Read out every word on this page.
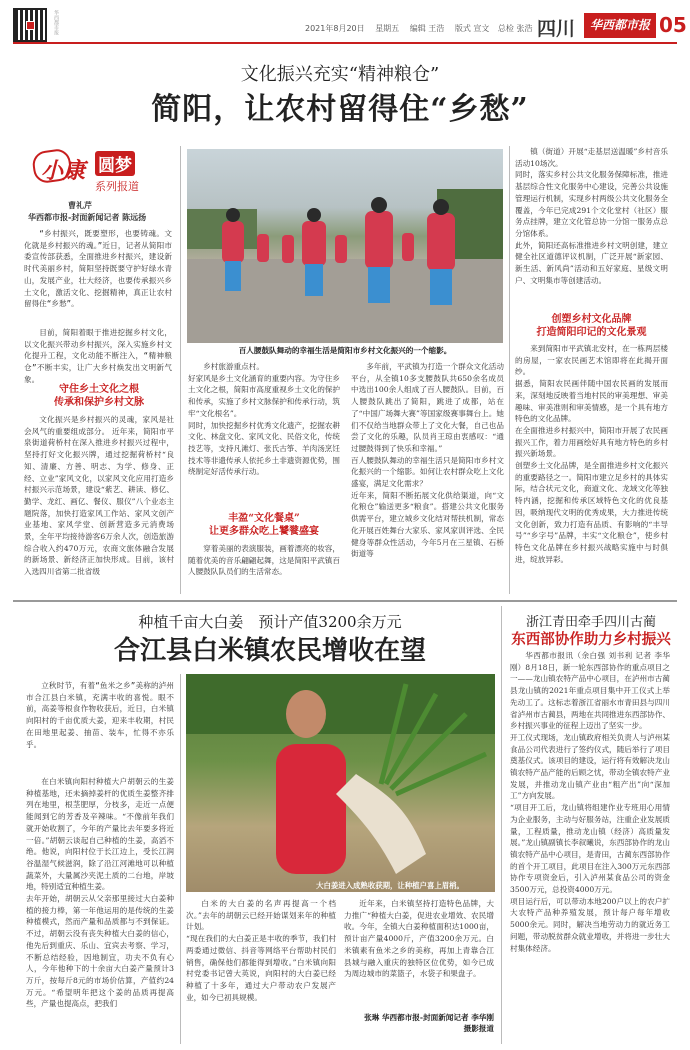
华西都市报	2021年8月20日 星期五 编辑 王浩 版式 宣文 总检 张浩 四川	华西都市报 05
文化振兴充实“精神粮仓”
简阳，让农村留得住“乡愁”
小康 圆梦
系列报道
曹礼芹
华西都市报-封面新闻记者 陈远扬
“乡村振兴，既要塑形，也要铸魂。文化就是乡村振兴的魂。”近日，记者从简阳市委宣传部获悉，全面推进乡村振兴，建设新时代美丽乡村，简阳坚持既要守护好绿水青山，发展产业，壮大经济，也要传承振兴乡土文化，激活文化、挖掘精神，真正让农村留得住“乡愁”。
目前，简阳着眼于推进挖掘乡村文化，以文化振兴带动乡村振兴，深入实施乡村文化提升工程，文化动能不断注入，“精神粮仓”不断丰实，让广大乡村焕发出文明新气象。
守住乡土文化之根
传承和保护乡村文脉

文化振兴是乡村振兴的灵魂，家风是社会风气的重要组成部分。 近年来，简阳市平泉街道荷桥村在深入推进乡村振兴过程中，坚持打好文化振兴牌，通过挖掘荷桥村“良知、清廉、方善、明志、为学、修身、正经、立业”家风文化，以家风文化应用打造乡村振兴示范场景，建设“紫艺、耕读、修亿、勤学、龙红、画亿、餐仪、服仪”八个业态主题院落，加快打造家风工作站、家风文创产业基地、家风学堂、创新营造多元消费场景，全年平均接待游客6万余人次，创造旅游综合收入约470万元，农商文旅体融合发展的新场景、新经济正加快形成。目前，该村入选四川省第二批省级

百人腰鼓队舞动的幸福生活是简阳市乡村文化振兴的一个缩影。

乡村旅游重点村。
好家风是乡土文化涵育的重要内容。为守住乡土文化之根，简阳市高度重视乡土文化的保护和传承，实施了乡村文脉保护和传承行动，筑牢“文化根名”。
同时，加快挖掘乡村优秀文化遗产，挖掘农耕文化、林盘文化、家风文化、民俗文化，传统技艺等，支持凡滩灯、张氏古筝、羊肉汤烹饪技术等非遗传承人依托乡土非遗资源优势，围绕制定好活传承行动。

丰盈“文化餐桌”
让更多群众吃上饕餮盛宴

穿着美丽的表演服装，画着漂亮的妆容，随着优美的音乐翩翩起舞，这是简阳平武镇百人腰鼓队队员们的生活常态。

多年前，平武镇为打造一个群众文化活动平台，从全镇10多支腰鼓队共650余名成员中选出100余人组成了百人腰鼓队。目前，百人腰鼓队跳出了简阳，跳进了成都，站在了“中国广场舞大赛”等国家级赛事舞台上。她们不仅给当地群众带上了文化大餐，自己也品尝了文化的乐趣，队员肖王琼由衷感叹：“通过腰鼓得到了快乐和幸福。”
百人腰鼓队舞动的幸福生活只是简阳市乡村文化振兴的一个缩影。如何让农村群众吃上文化盛宴，满足文化需求？
近年来，简阳不断拓展文化供给渠道，向“文化粮仓”输送更多“粮食”。搭建公共文化服务供需平台，建立城乡文化结对帮扶机制，常态化开展百姓舞台大家乐、家风家训评选、全民健身等群众性活动，今年5月在三星镇、石桥街道等

镇（街道）开展“走基层送温暖”乡村音乐活动10场次。
同时，落实乡村公共文化服务保障标准，推进基层综合性文化服务中心建设，完善公共设施管理运行机制，实现乡村两级公共文化服务全覆盖，今年已完成291个文化堂村（社区）服务点挂牌，建立文化管总协一分馆一服务点总分馆体系。
此外，简阳还高标准推进乡村文明创建，建立健全社区道德评议机制，广泛开展“新家园、新生活、新风尚”活动和五好家庭、星级文明户、文明集市等创建活动。

创塑乡村文化品牌
打造简阳印记的文化景观

来到简阳市平武镇北安村，在一栋两层楼的房屋，一家农民画艺术馆即将在此揭开面纱。
据悉，简阳农民画伴随中国农民画的发展而来，深刻地反映着当地村民的审美理想、审美趣味、审美准则和审美情感，是一个具有地方特色的文化品牌。
在全面推进乡村振兴中，简阳市开展了农民画振兴工作，着力用画绘好具有地方特色的乡村振兴新场景。
创塑乡土文化品牌，是全面推进乡村文化振兴的重要路径之一。简阳市建立足乡村的具体实际，结合状元文化，商道文化、龙域文化等独特内涵，挖掘和传承区域特色文化的优良基因，吸纳现代文明的优秀成果，大力推进传统文化创新，致力打造有品质、有影响的“丰导号”“乡字号”品牌，丰实“文化粮仓”，使乡村特色文化品牌在乡村振兴战略实施中与时俱进，绽放异彩。

种植千亩大白姜　预计产值3200余万元
合江县白米镇农民增收在望
立秋时节，有着“鱼米之乡”美称的泸州市合江县白米镇，充满丰收的喜悦。眼不前，高姜等根食作物收获后，近日，白米镇向阳村的千亩优质大姜，迎来丰收期，村民在田地里起姜、抽苗、装车，忙得不亦乐乎。

在白米镇向阳村种植大户胡朝云的生姜种植基地，还未摘掉姜杆的优质生姜整齐排列在地里，根茎肥厚，分枝多，走近一点便能闻到它的芳香及辛辣味。“不像前年我们就开始收割了，今年的产量比去年要多将近一倍。”胡朝云谈起自己种植的生姜，高滔不绝。他说，向阳村位于长江边上，受长江润谷温湿气候滋润，除了沿江河滩地可以种植蔬菜外，大量属沙夹泥土质的二台地，岸坡地，特别适宜种植生姜。
去年开始，胡朝云从父亲那里接过大白姜种植的接力棒，第一年他运用的是传统的生姜种植模式，然而产量和品质都与不到保证。不过，胡朝云没有丧失种植大白姜的信心，他先后到重庆、乐山、宜宾去考察、学习，不断总结经验，因地制宜，功夫不负有心人，今年他种下的十余亩大白姜产量预计3万斤，按每斤8元的市场价估算，产值约24万元。“希望明年把这个姜的品质再提高些，产量也提高点，把我们

大白姜进入成熟收获期，让种植户喜上眉梢。

白米的大白姜的名声再提高一个档次。”去年的胡朝云已经开始谋划来年的种植计划。
“现在我们的大白姜正是丰收的季节，我们村两委通过微信、抖音等网络平台帮助村民们销售，确保他们都能得到增收。”白米镇向阳村党委书记曾大英说，向阳村的大白姜已经种植了十多年，通过大户带动农户发展产业，如今已初具规模。

近年来，白米镇坚持打造特色品牌，大力推广“种植大白姜，促进农业增效、农民增收。今年，全镇大白姜种植面积达1000亩，预计亩产量4000斤，产值3200余万元。白米镇素有鱼米之乡的美称，再加上青靠合江县城与融入重庆的独特区位优势，如今已成为周边城市的菜篮子，水袋子和果盘子。

张琳 华西都市报-封面新闻记者 李华刚 摄影报道
浙江青田牵手四川古蔺
东西部协作助力乡村振兴

华西都市报讯（余白强 刘书利 记者 李华刚）8月18日，新一轮东西部协作的重点项目之一——龙山镇农特产品中心项目，在泸州市古蔺县龙山镇的2021年重点项目集中开工仪式上举先动工了。这标志着浙江省丽水市青田县与四川省泸州市古蔺县，两地在共同推进东西部协作、乡村振兴事业的征程上迈出了坚实一步。
开工仪式现场，龙山镇政府相关负责人与泸州某食品公司代表进行了签约仪式，随后举行了项目奠基仪式。该项目的建设，运行将有效解决龙山镇农特产品产能的后顾之忧，带动全镇农特产业发展，并推动龙山镇产业由“粗产出”向“深加工”方向发展。
“项目开工后，龙山镇将组建作业专班用心用情为企业服务，主动与好服务站，注重企业发展质量，工程质量，推动龙山镇（经济）高质量发展。”龙山镇副镇长李叙曦说，东西部协作的龙山镇农特产品中心项目，是青田，古蔺东西部协作的首个开工项目，此项目在注入300万元东西部协作专项资金后，引入泸州某食品公司的资金3500万元，总投资4000万元。
项目运行后，可以带动本地200户以上的农户扩大农特产品种养殖发展，预计每户每年增收5000余元。同时，解决当地劳动力的就近务工问题，带动脱贫群众就业增收，并将进一步壮大村集体经济。
